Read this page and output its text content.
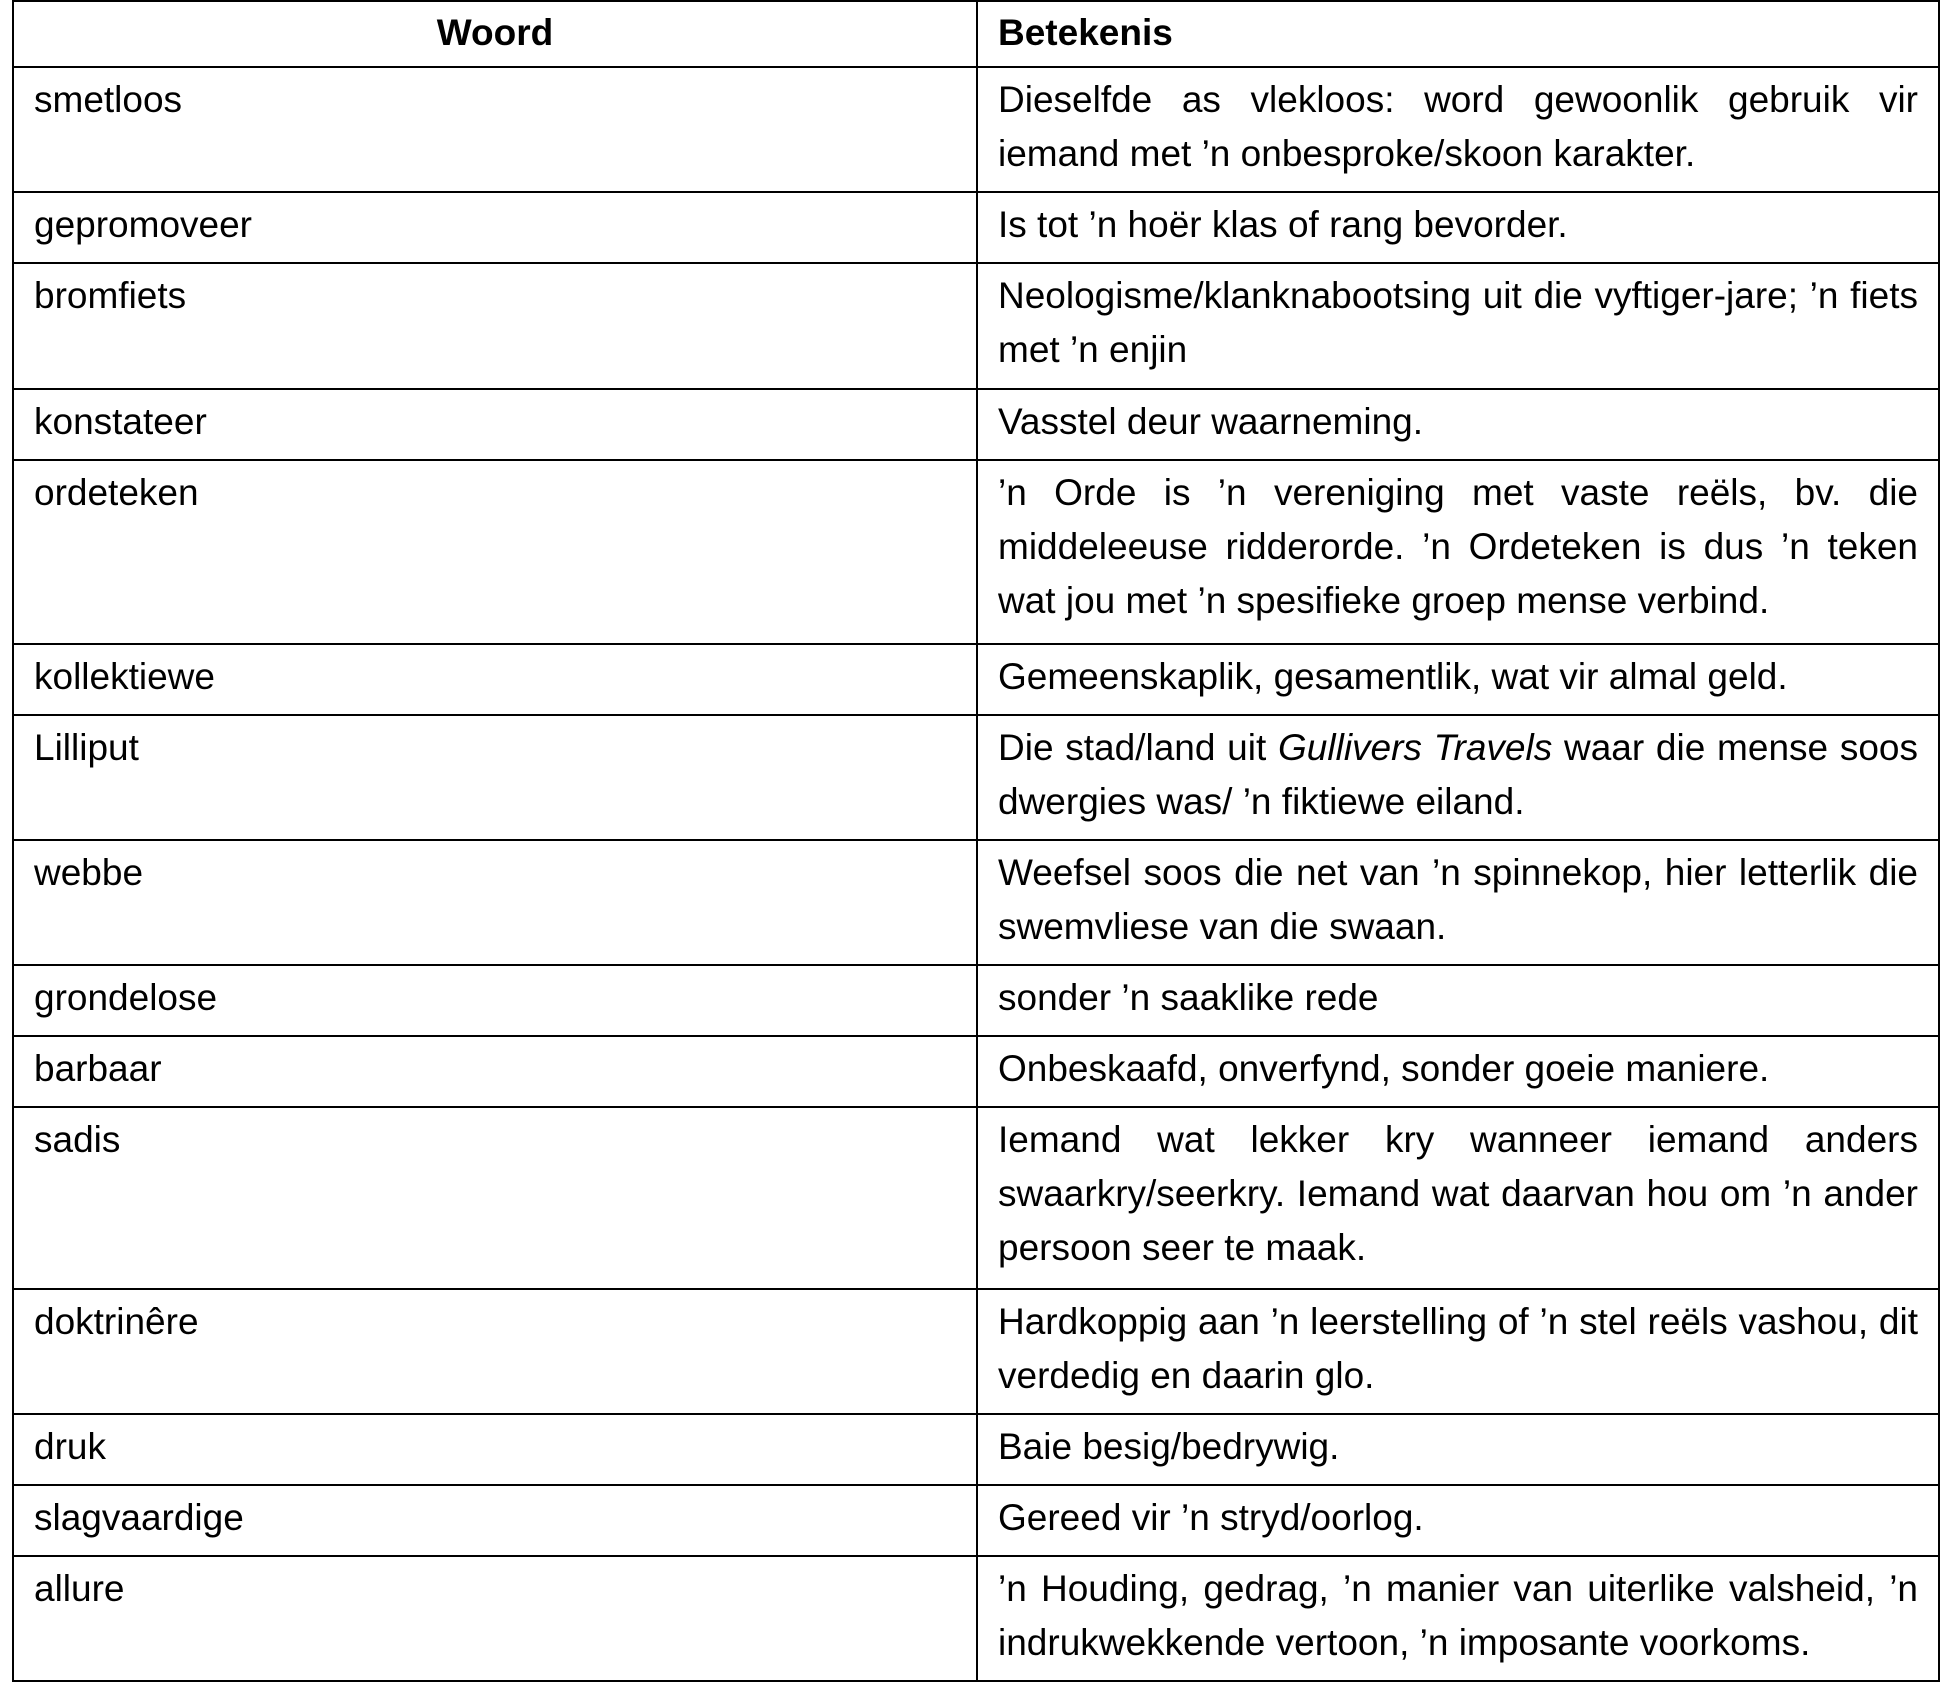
Woord	Betekenis
smetloos	Dieselfde as vlekloos: word gewoonlik gebruik vir iemand met ’n onbesproke/skoon karakter.
gepromoveer	Is tot ’n hoër klas of rang bevorder.
bromfiets	Neologisme/klanknabootsing uit die vyftiger-jare; ’n fiets met ’n enjin
konstateer	Vasstel deur waarneming.
ordeteken	’n Orde is ’n vereniging met vaste reëls, bv. die middeleeuse ridderorde. ’n Ordeteken is dus ’n teken wat jou met ’n spesifieke groep mense verbind.
kollektiewe	Gemeenskaplik, gesamentlik, wat vir almal geld.
Lilliput	Die stad/land uit Gullivers Travels waar die mense soos dwergies was/ ’n fiktiewe eiland.
webbe	Weefsel soos die net van ’n spinnekop, hier letterlik die swemvliese van die swaan.
grondelose	sonder ’n saaklike rede
barbaar	Onbeskaafd, onverfynd, sonder goeie maniere.
sadis	Iemand wat lekker kry wanneer iemand anders swaarkry/seerkry. Iemand wat daarvan hou om ’n ander persoon seer te maak.
doktrinêre	Hardkoppig aan ’n leerstelling of ’n stel reëls vashou, dit verdedig en daarin glo.
druk	Baie besig/bedrywig.
slagvaardige	Gereed vir ’n stryd/oorlog.
allure	’n Houding, gedrag, ’n manier van uiterlike valsheid, ’n indrukwekkende vertoon, ’n imposante voorkoms.
